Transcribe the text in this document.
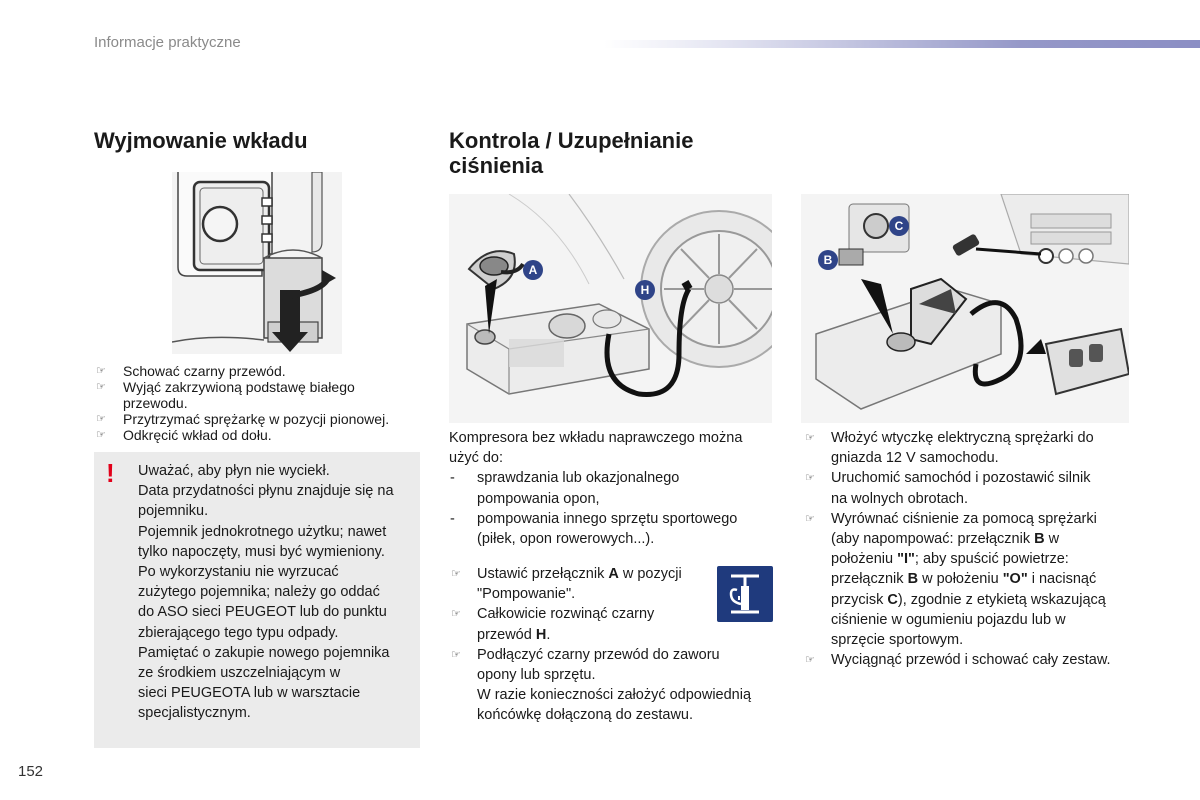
Informacje praktyczne
Wyjmowanie wkładu
☞ Schować czarny przewód.
☞ Wyjąć zakrzywioną podstawę białego
przewodu.
☞ Przytrzymać sprężarkę w pozycji pionowej.
☞ Odkręcić wkład od dołu.
! Uważać, aby płyn nie wyciekł.
Data przydatności płynu znajduje się na
pojemniku.
Pojemnik jednokrotnego użytku; nawet
tylko napoczęty, musi być wymieniony.
Po wykorzystaniu nie wyrzucać
zużytego pojemnika; należy go oddać
do ASO sieci PEUGEOT lub do punktu
zbierającego tego typu odpady.
Pamiętać o zakupie nowego pojemnika
ze środkiem uszczelniającym w
sieci PEUGEOTA lub w warsztacie
specjalistycznym.
Kontrola / Uzupełnianie
ciśnienia
A
H
Kompresora bez wkładu naprawczego można
użyć do:
- sprawdzania lub okazjonalnego
pompowania opon,
- pompowania innego sprzętu sportowego
(piłek, opon rowerowych...).
☞ Ustawić przełącznik A w pozycji
"Pompowanie".
☞ Całkowicie rozwinąć czarny
przewód H.
☞ Podłączyć czarny przewód do zaworu
opony lub sprzętu.
W razie konieczności założyć odpowiednią
końcówkę dołączoną do zestawu.
C
B
☞ Włożyć wtyczkę elektryczną sprężarki do
gniazda 12 V samochodu.
☞ Uruchomić samochód i pozostawić silnik
na wolnych obrotach.
☞ Wyrównać ciśnienie za pomocą sprężarki
(aby napompować: przełącznik B w
położeniu "I"; aby spuścić powietrze:
przełącznik B w położeniu "O" i nacisnąć
przycisk C), zgodnie z etykietą wskazującą
ciśnienie w ogumieniu pojazdu lub w
sprzęcie sportowym.
☞ Wyciągnąć przewód i schować cały zestaw.
152
